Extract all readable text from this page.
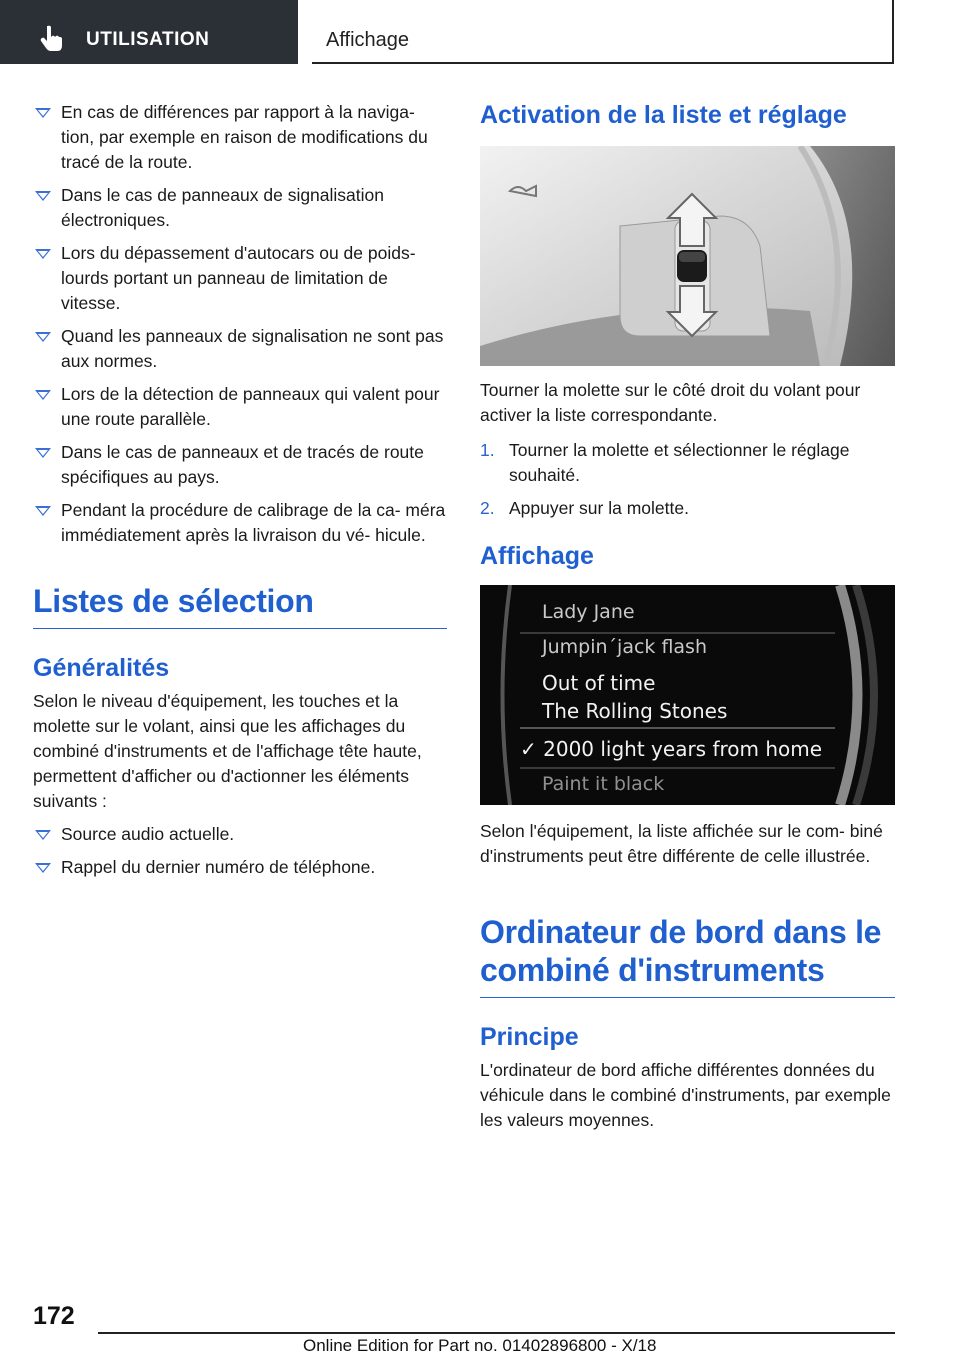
UTILISATION	Affichage
En cas de différences par rapport à la naviga- tion, par exemple en raison de modifications du tracé de la route.
Dans le cas de panneaux de signalisation électroniques.
Lors du dépassement d'autocars ou de poids-lourds portant un panneau de limitation de vitesse.
Quand les panneaux de signalisation ne sont pas aux normes.
Lors de la détection de panneaux qui valent pour une route parallèle.
Dans le cas de panneaux et de tracés de route spécifiques au pays.
Pendant la procédure de calibrage de la ca- méra immédiatement après la livraison du vé- hicule.
Listes de sélection
Généralités

Selon le niveau d'équipement, les touches et la molette sur le volant, ainsi que les affichages du combiné d'instruments et de l'affichage tête haute, permettent d'afficher ou d'actionner les éléments suivants :

Source audio actuelle.
Rappel du dernier numéro de téléphone.
Activation de la liste et réglage

Tourner la molette sur le côté droit du volant pour activer la liste correspondante.

1. Tourner la molette et sélectionner le réglage souhaité.
2. Appuyer sur la molette.
Affichage
Lady Jane
Jumpin´jack flash
Out of time
The Rolling Stones
✓ 2000 light years from home
Paint it black

Selon l'équipement, la liste affichée sur le com- biné d'instruments peut être différente de celle illustrée.

Ordinateur de bord dans le combiné d'instruments
Principe

L'ordinateur de bord affiche différentes données du véhicule dans le combiné d'instruments, par exemple les valeurs moyennes.

172
Online Edition for Part no. 01402896800 - X/18
